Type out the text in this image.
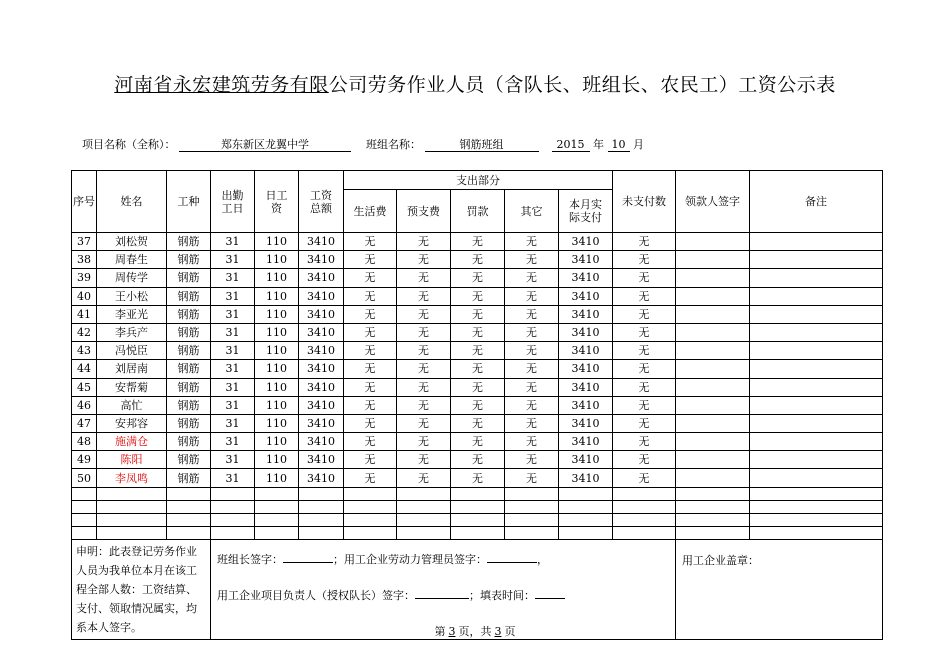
河南省永宏建筑劳务有限公司劳务作业人员（含队长、班组长、农民工）工资公示表
项目名称（全称）：	郑东新区龙翼中学	班组名称：	钢筋班组	2015 年 10 月
序号	姓名	工种	出勤工日	日工资	工资总额	支出部分					未支付数	领款人签字	备注
						生活费	预支费	罚款	其它	本月实际支付			
37	刘松贺	钢筋	31	110	3410	无	无	无	无	3410	无		
38	周春生	钢筋	31	110	3410	无	无	无	无	3410	无		
39	周传学	钢筋	31	110	3410	无	无	无	无	3410	无		
40	王小松	钢筋	31	110	3410	无	无	无	无	3410	无		
41	李亚光	钢筋	31	110	3410	无	无	无	无	3410	无		
42	李兵产	钢筋	31	110	3410	无	无	无	无	3410	无		
43	冯悦臣	钢筋	31	110	3410	无	无	无	无	3410	无		
44	刘居南	钢筋	31	110	3410	无	无	无	无	3410	无		
45	安帮菊	钢筋	31	110	3410	无	无	无	无	3410	无		
46	高忙	钢筋	31	110	3410	无	无	无	无	3410	无		
47	安邦容	钢筋	31	110	3410	无	无	无	无	3410	无		
48	施满仓	钢筋	31	110	3410	无	无	无	无	3410	无		
49	陈阳	钢筋	31	110	3410	无	无	无	无	3410	无		
50	李凤鸣	钢筋	31	110	3410	无	无	无	无	3410	无		

申明：此表登记劳务作业人员为我单位本月在该工程全部人数：工资结算、支付、领取情况属实，均系本人签字。			班组长签字： ；用工企业劳动力管理员签字： ，
用工企业项目负责人（授权队长）签字： ；填表时间：									用工企业盖章：	
第 3 页，共 3 页
